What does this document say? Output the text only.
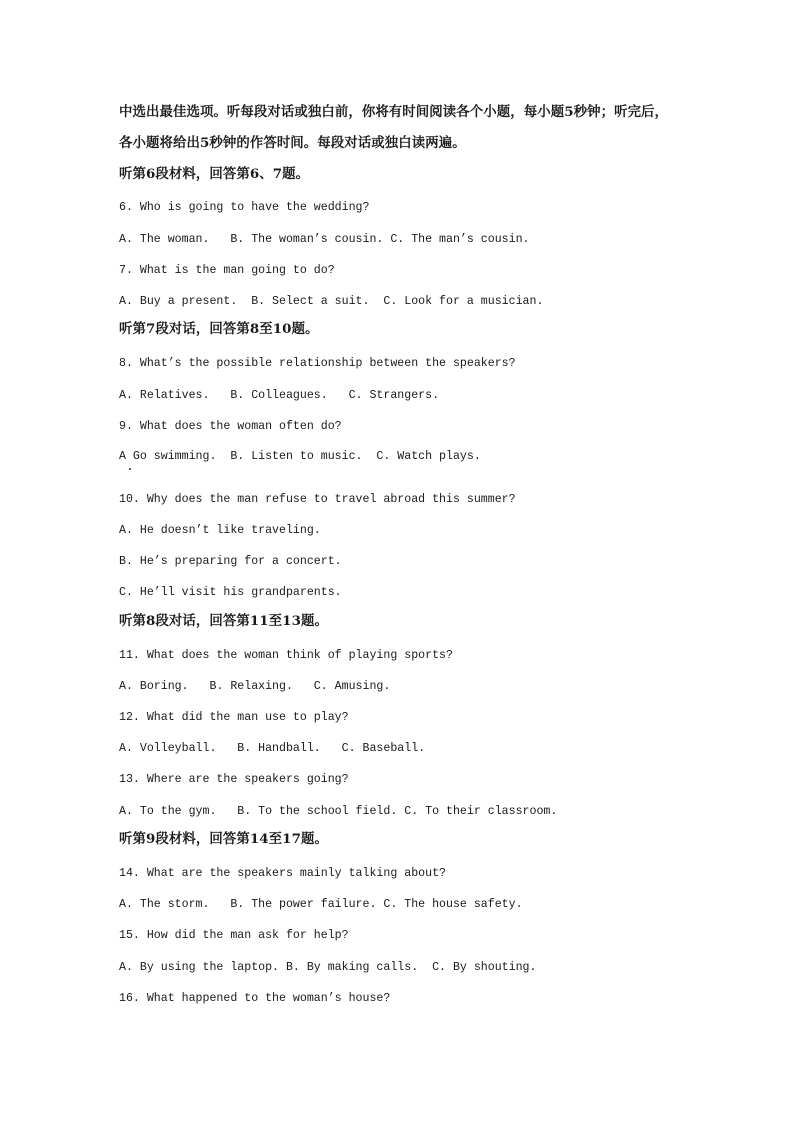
中选出最佳选项。听每段对话或独白前，你将有时间阅读各个小题，每小题5秒钟；听完后，
各小题将给出5秒钟的作答时间。每段对话或独白读两遍。
听第6段材料，回答第6、7题。
6. Who is going to have the wedding?
A. The woman.   B. The woman’s cousin. C. The man’s cousin.
7. What is the man going to do?
A. Buy a present.  B. Select a suit.  C. Look for a musician.
听第7段对话，回答第8至10题。
8. What’s the possible relationship between the speakers?
A. Relatives.   B. Colleagues.   C. Strangers.
9. What does the woman often do?
A Go swimming.  B. Listen to music.  C. Watch plays.
10. Why does the man refuse to travel abroad this summer?
A. He doesn’t like traveling.
B. He’s preparing for a concert.
C. He’ll visit his grandparents.
听第8段对话，回答第11至13题。
11. What does the woman think of playing sports?
A. Boring.   B. Relaxing.   C. Amusing.
12. What did the man use to play?
A. Volleyball.   B. Handball.   C. Baseball.
13. Where are the speakers going?
A. To the gym.   B. To the school field. C. To their classroom.
听第9段材料，回答第14至17题。
14. What are the speakers mainly talking about?
A. The storm.   B. The power failure. C. The house safety.
15. How did the man ask for help?
A. By using the laptop. B. By making calls.  C. By shouting.
16. What happened to the woman’s house?
